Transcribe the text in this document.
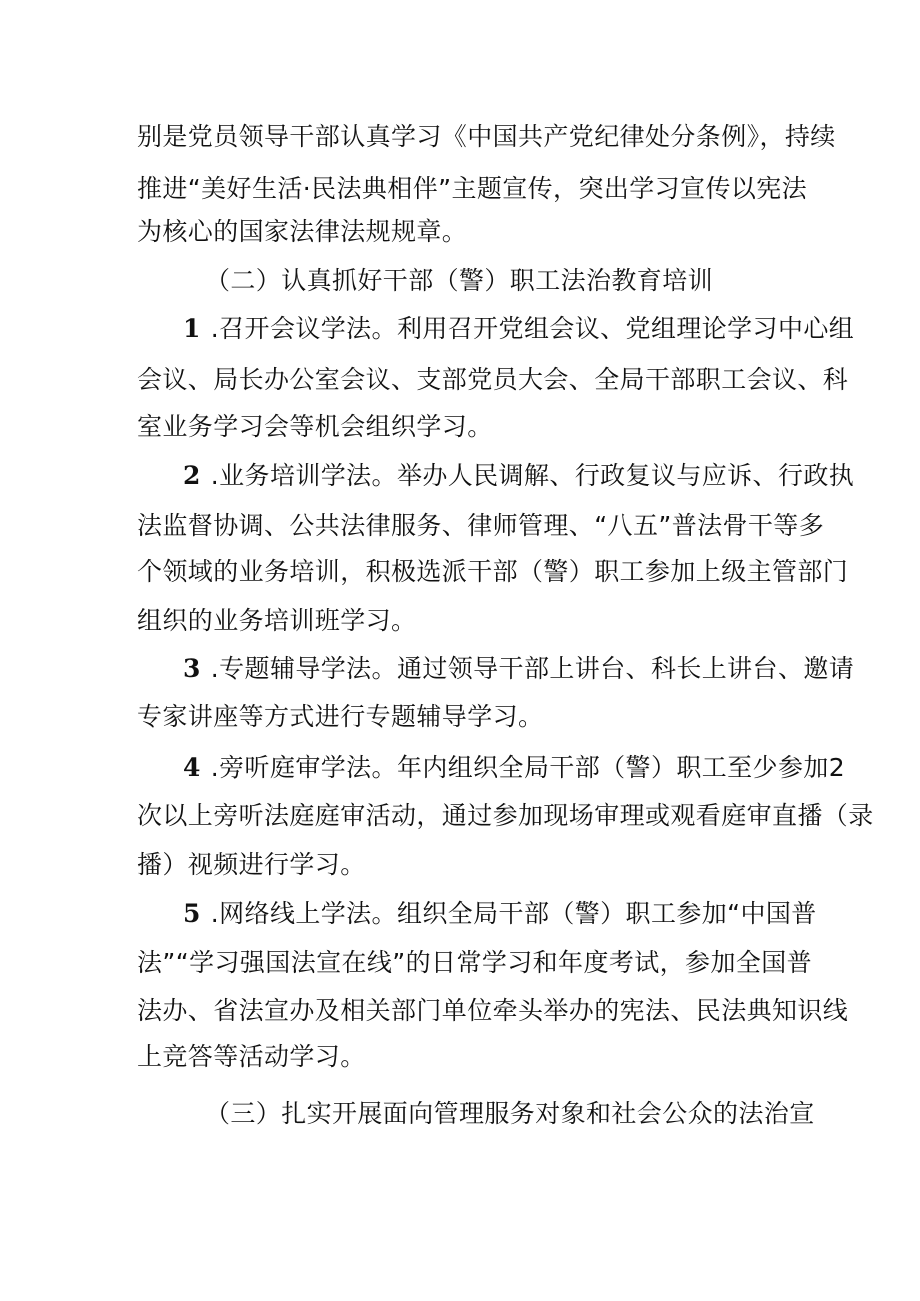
别是党员领导干部认真学习《中国共产党纪律处分条例》，持续
推进“美好生活·民法典相伴”主题宣传，突出学习宣传以宪法
为核心的国家法律法规规章。
（二）认真抓好干部（警）职工法治教育培训
1 .召开会议学法。利用召开党组会议、党组理论学习中心组
会议、局长办公室会议、支部党员大会、全局干部职工会议、科
室业务学习会等机会组织学习。
2 .业务培训学法。举办人民调解、行政复议与应诉、行政执
法监督协调、公共法律服务、律师管理、“八五”普法骨干等多
个领域的业务培训，积极选派干部（警）职工参加上级主管部门
组织的业务培训班学习。
3 .专题辅导学法。通过领导干部上讲台、科长上讲台、邀请
专家讲座等方式进行专题辅导学习。
4 .旁听庭审学法。年内组织全局干部（警）职工至少参加2
次以上旁听法庭庭审活动，通过参加现场审理或观看庭审直播（录
播）视频进行学习。
5 .网络线上学法。组织全局干部（警）职工参加“中国普
法”“学习强国法宣在线”的日常学习和年度考试，参加全国普
法办、省法宣办及相关部门单位牵头举办的宪法、民法典知识线
上竞答等活动学习。
（三）扎实开展面向管理服务对象和社会公众的法治宣
